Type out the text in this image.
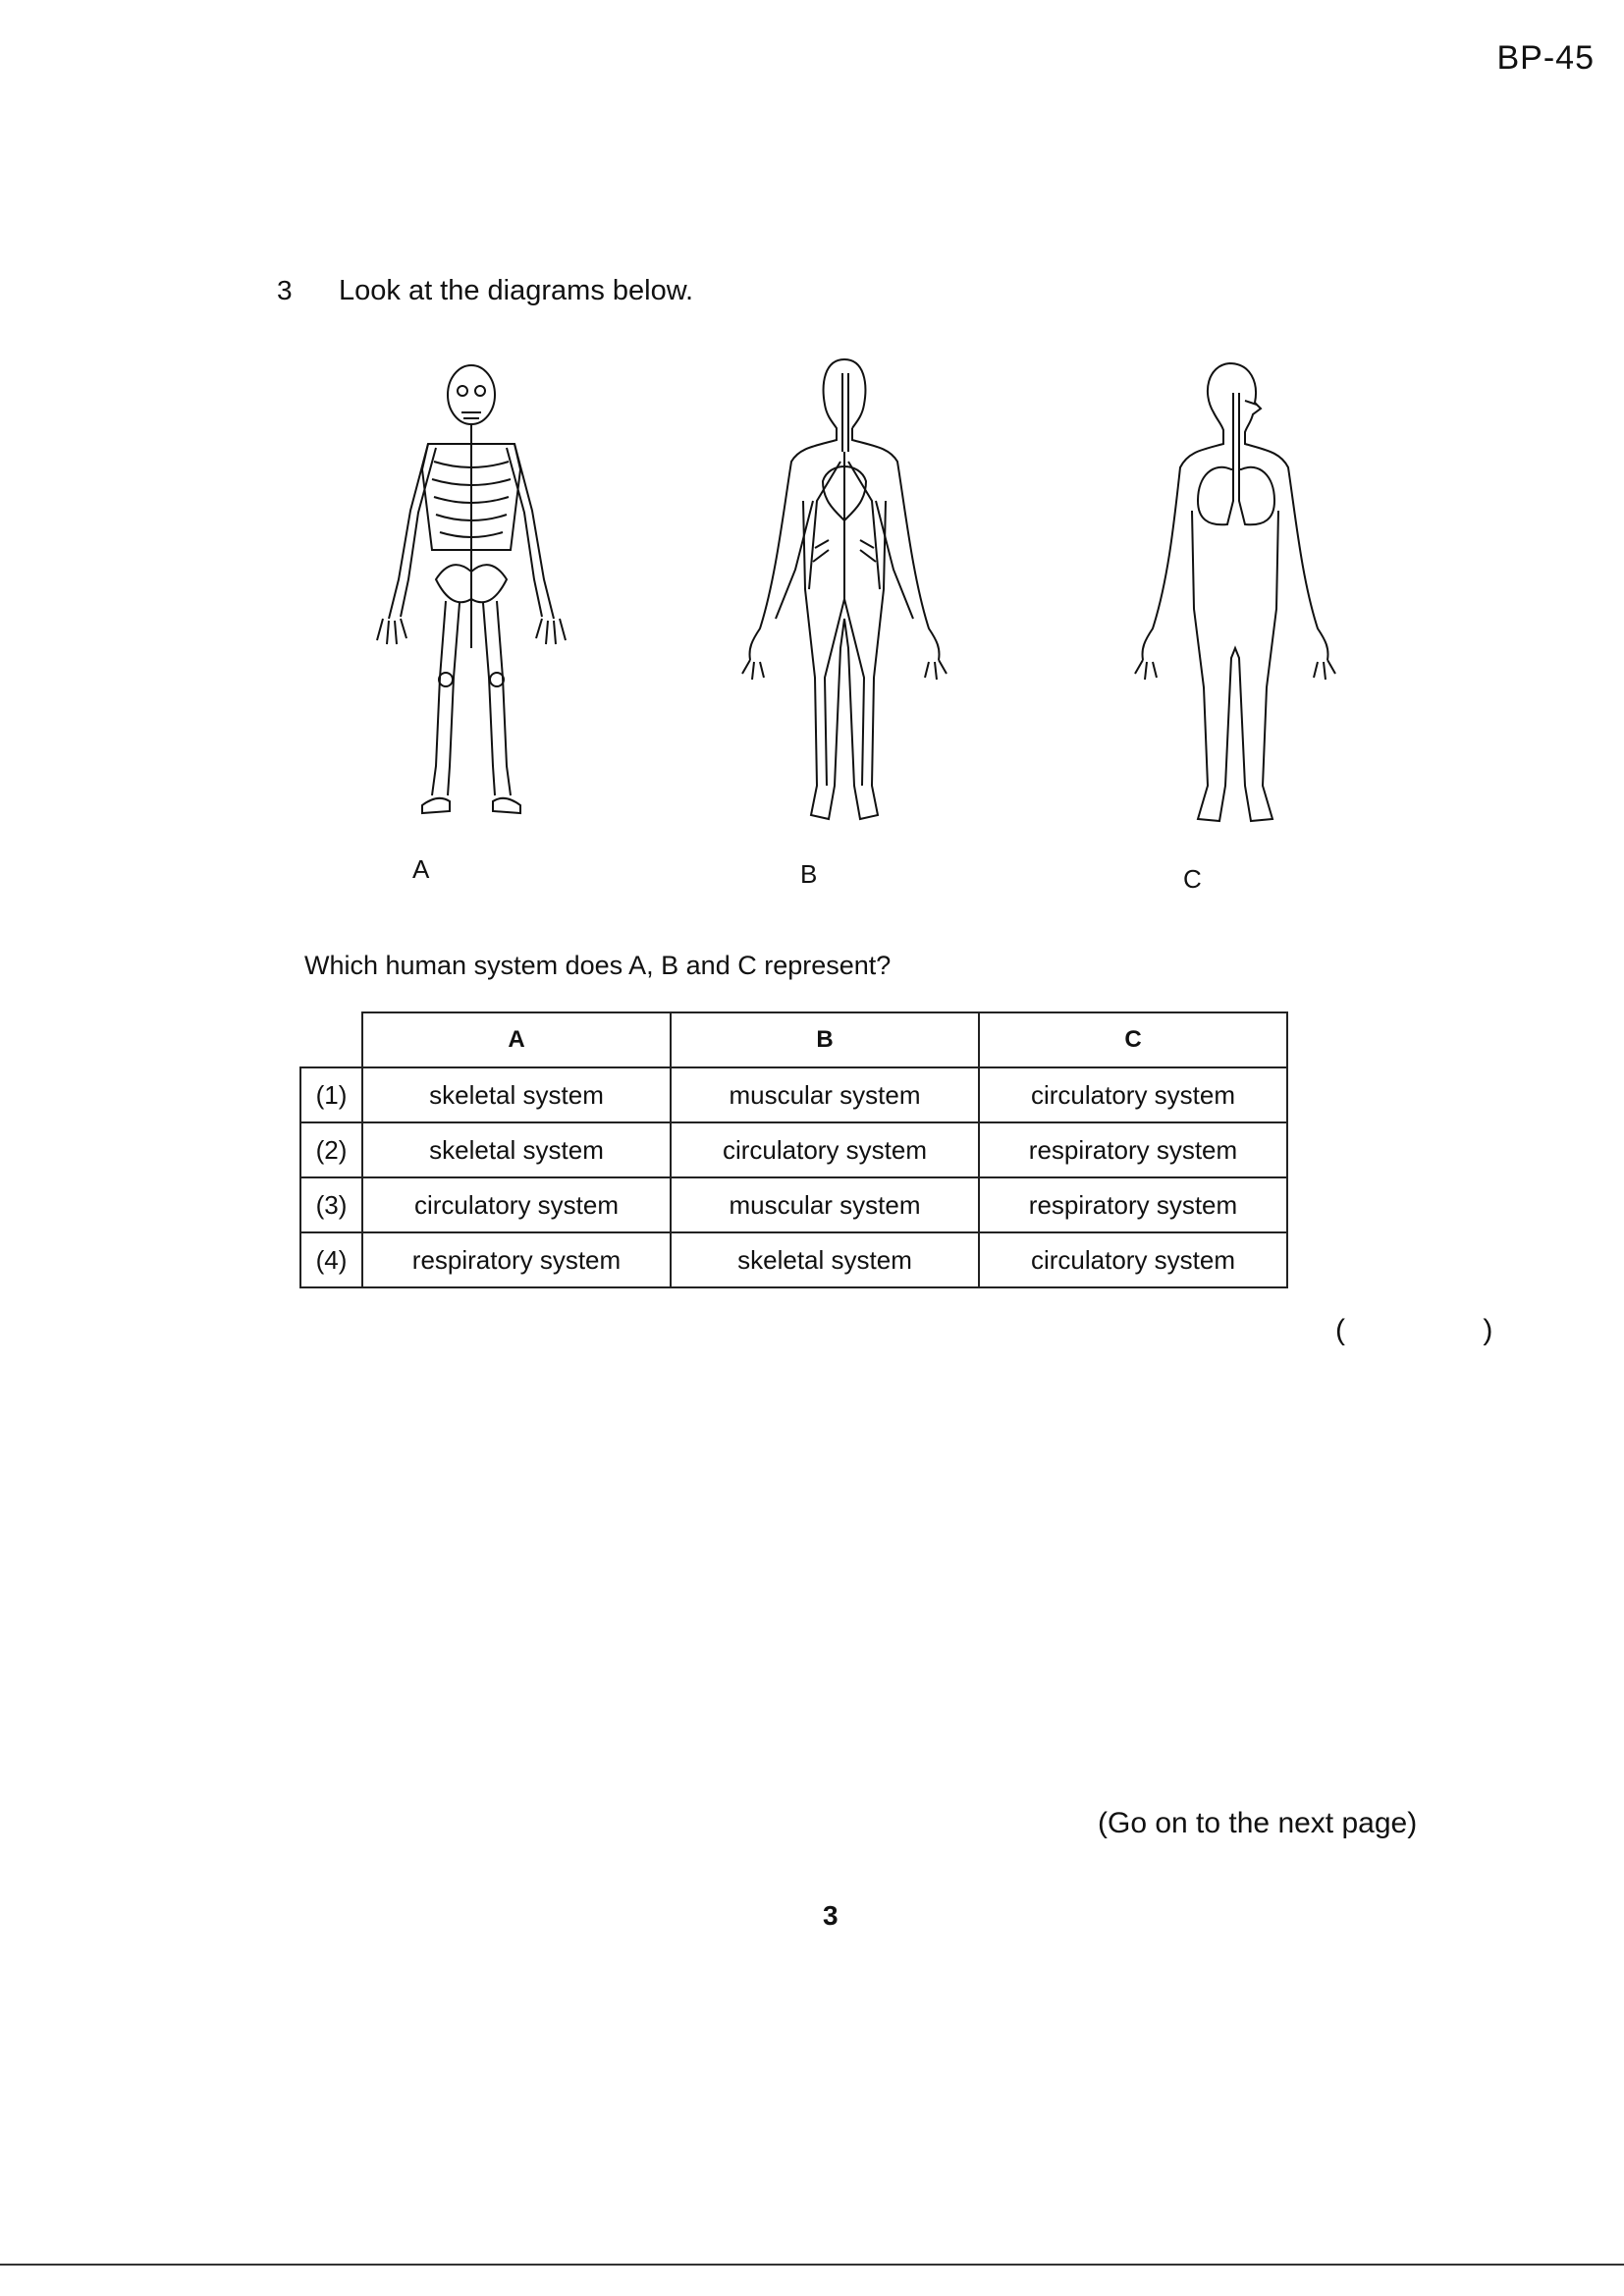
BP-45
3 Look at the diagrams below.
A	B	C
Which human system does A, B and C represent?
	A	B	C
(1)	skeletal system	muscular system	circulatory system
(2)	skeletal system	circulatory system	respiratory system
(3)	circulatory system	muscular system	respiratory system
(4)	respiratory system	skeletal system	circulatory system
( )
(Go on to the next page)
3
